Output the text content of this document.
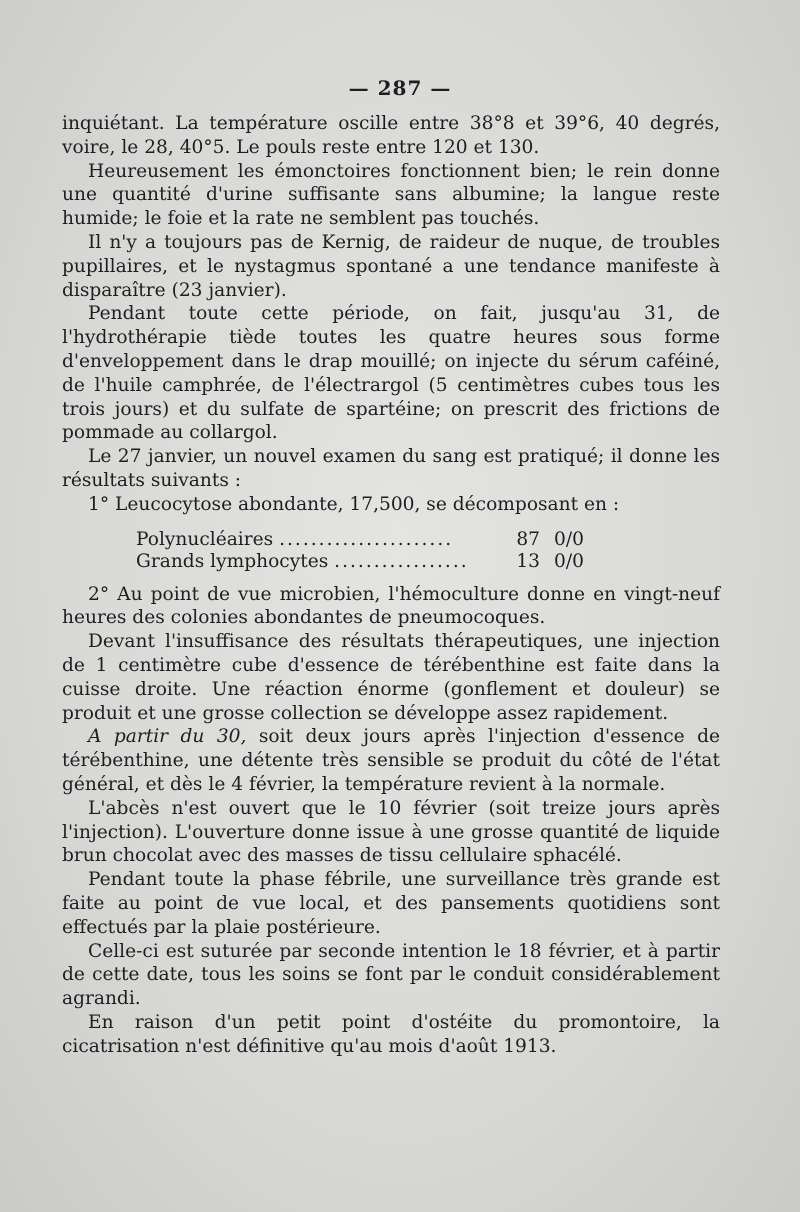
— 287 —

inquiétant. La température oscille entre 38°8 et 39°6, 40 degrés, voire, le 28, 40°5. Le pouls reste entre 120 et 130.

Heureusement les émonctoires fonctionnent bien; le rein donne une quantité d'urine suffisante sans albumine; la langue reste humide; le foie et la rate ne semblent pas touchés.

Il n'y a toujours pas de Kernig, de raideur de nuque, de troubles pupillaires, et le nystagmus spontané a une tendance manifeste à disparaître (23 janvier).

Pendant toute cette période, on fait, jusqu'au 31, de l'hydrothérapie tiède toutes les quatre heures sous forme d'enveloppement dans le drap mouillé; on injecte du sérum caféiné, de l'huile camphrée, de l'électrargol (5 centimètres cubes tous les trois jours) et du sulfate de spartéine; on prescrit des frictions de pommade au collargol.

Le 27 janvier, un nouvel examen du sang est pratiqué; il donne les résultats suivants :

1° Leucocytose abondante, 17,500, se décomposant en :

Polynucléaires ......................	87	0/0
Grands lymphocytes .................	13	0/0

2° Au point de vue microbien, l'hémoculture donne en vingt-neuf heures des colonies abondantes de pneumocoques.

Devant l'insuffisance des résultats thérapeutiques, une injection de 1 centimètre cube d'essence de térébenthine est faite dans la cuisse droite. Une réaction énorme (gonflement et douleur) se produit et une grosse collection se développe assez rapidement.

A partir du 30, soit deux jours après l'injection d'essence de térébenthine, une détente très sensible se produit du côté de l'état général, et dès le 4 février, la température revient à la normale.

L'abcès n'est ouvert que le 10 février (soit treize jours après l'injection). L'ouverture donne issue à une grosse quantité de liquide brun chocolat avec des masses de tissu cellulaire sphacélé.

Pendant toute la phase fébrile, une surveillance très grande est faite au point de vue local, et des pansements quotidiens sont effectués par la plaie postérieure.

Celle-ci est suturée par seconde intention le 18 février, et à partir de cette date, tous les soins se font par le conduit considérablement agrandi.

En raison d'un petit point d'ostéite du promontoire, la cicatrisation n'est définitive qu'au mois d'août 1913.
